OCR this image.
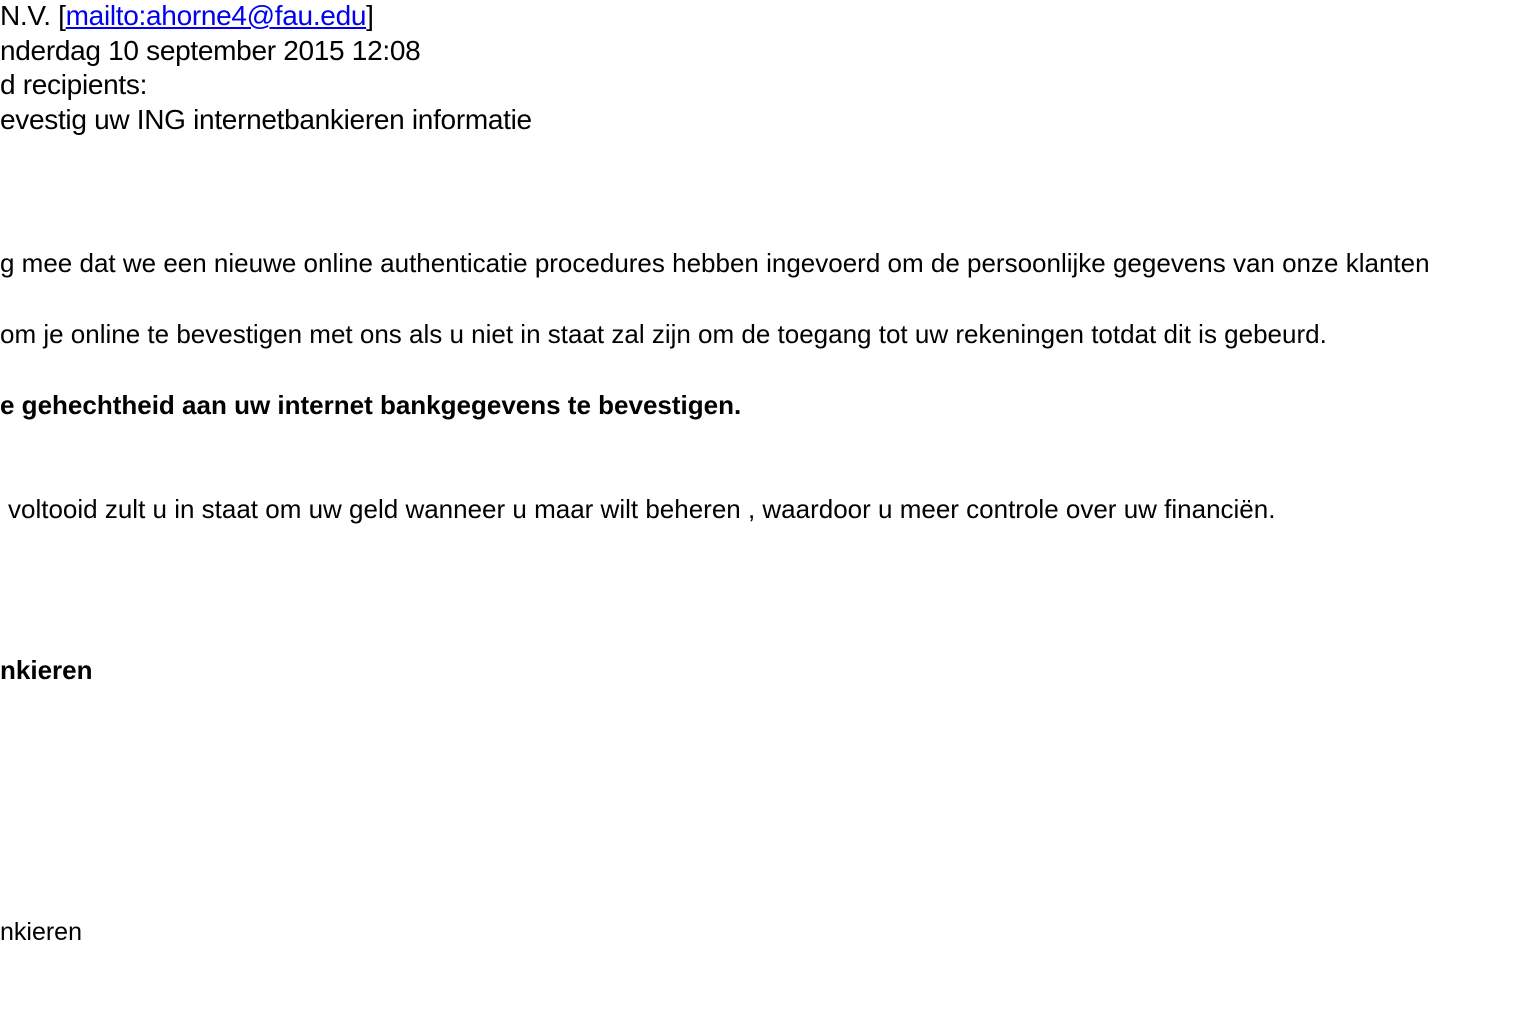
N.V. [mailto:ahorne4@fau.edu]

nderdag 10 september 2015 12:08

d recipients:

evestig uw ING internetbankieren informatie

g mee dat we een nieuwe online authenticatie procedures hebben ingevoerd om de persoonlijke gegevens van onze klanten

om je online te bevestigen met ons als u niet in staat zal zijn om de toegang tot uw rekeningen totdat dit is gebeurd.

e gehechtheid aan uw internet bankgegevens te bevestigen.

voltooid zult u in staat om uw geld wanneer u maar wilt beheren , waardoor u meer controle over uw financiën.

nkieren

nkieren
